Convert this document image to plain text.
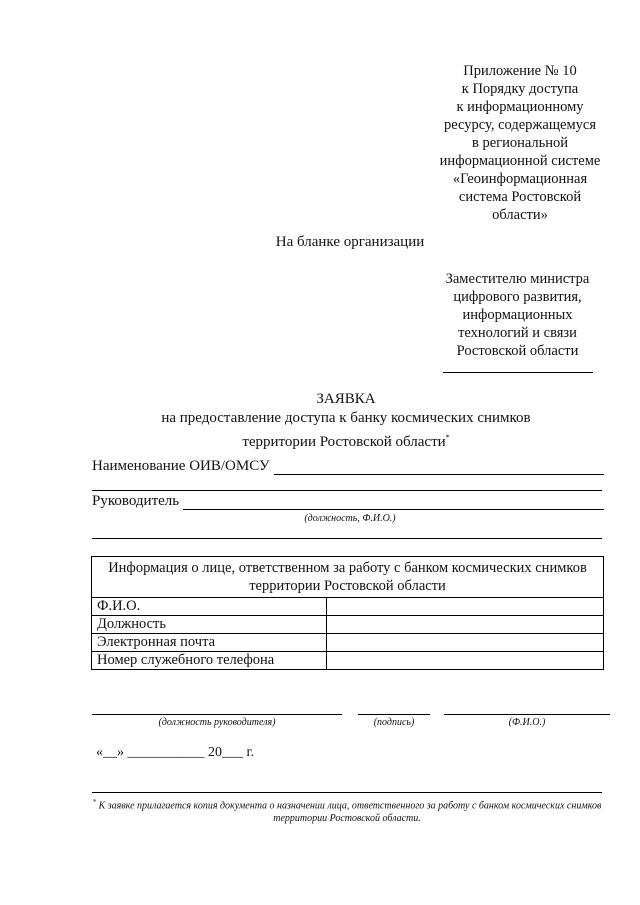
Приложение № 10
к Порядку доступа
к информационному
ресурсу, содержащемуся
в региональной
информационной системе
«Геоинформационная
система Ростовской
области»
На бланке организации
Заместителю министра
цифрового развития,
информационных
технологий и связи
Ростовской области
ЗАЯВКА
на предоставление доступа к банку космических снимков
территории Ростовской области*
Наименование ОИВ/ОМСУ
Руководитель
(должность, Ф.И.О.)
Информация о лице, ответственном за работу с банком космических снимков территории Ростовской области	
Ф.И.О.	
Должность	
Электронная почта	
Номер служебного телефона	
(должность руководителя)	(подпись)	(Ф.И.О.)
«__» ___________ 20___ г.
* К заявке прилагается копия документа о назначении лица, ответственного за работу с банком космических снимков территории Ростовской области.
